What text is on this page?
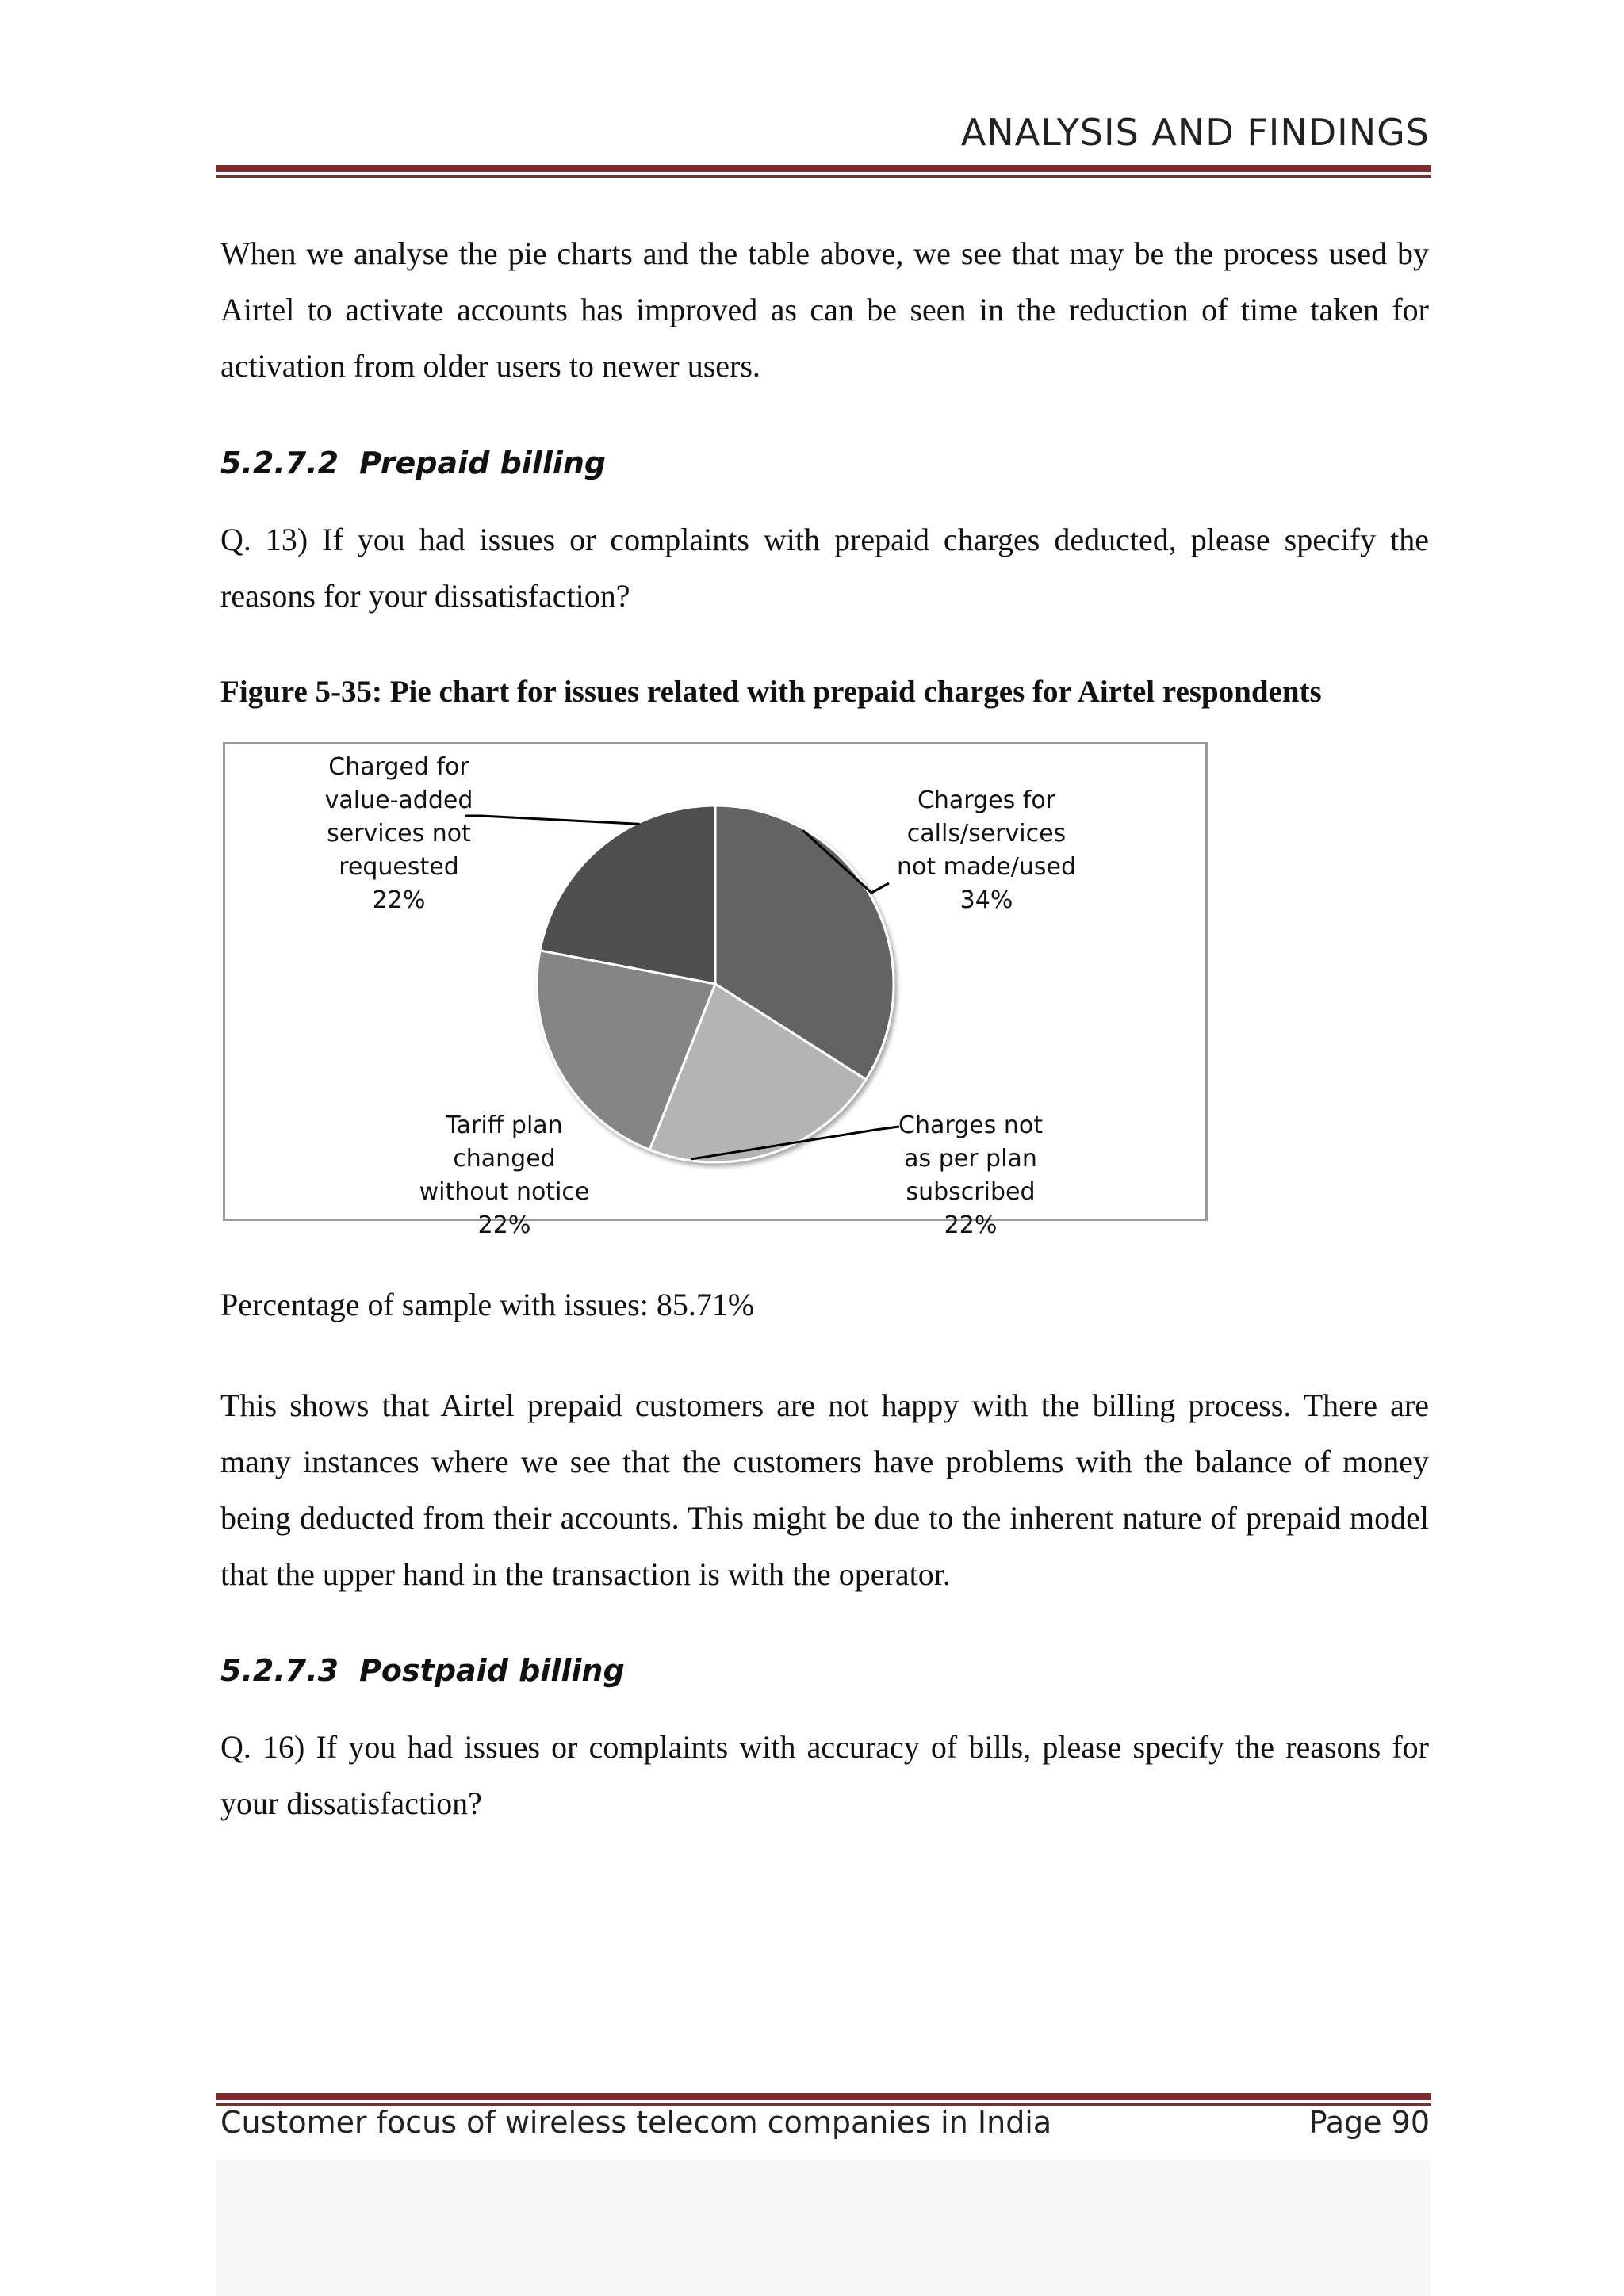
ANALYSIS AND FINDINGS

When we analyse the pie charts and the table above, we see that may be the process used by Airtel to activate accounts has improved as can be seen in the reduction of time taken for activation from older users to newer users.

5.2.7.2 Prepaid billing

Q. 13) If you had issues or complaints with prepaid charges deducted, please specify the reasons for your dissatisfaction?

Figure 5-35: Pie chart for issues related with prepaid charges for Airtel respondents
Charges for
calls/services
not made/used
34%
Charges not
as per plan
subscribed
22%
Tariff plan
changed
without notice
22%
Charged for
value-added
services not
requested
22%

Percentage of sample with issues: 85.71%

This shows that Airtel prepaid customers are not happy with the billing process. There are many instances where we see that the customers have problems with the balance of money being deducted from their accounts. This might be due to the inherent nature of prepaid model that the upper hand in the transaction is with the operator.

5.2.7.3 Postpaid billing

Q. 16) If you had issues or complaints with accuracy of bills, please specify the reasons for your dissatisfaction?

Customer focus of wireless telecom companies in India	Page 90
